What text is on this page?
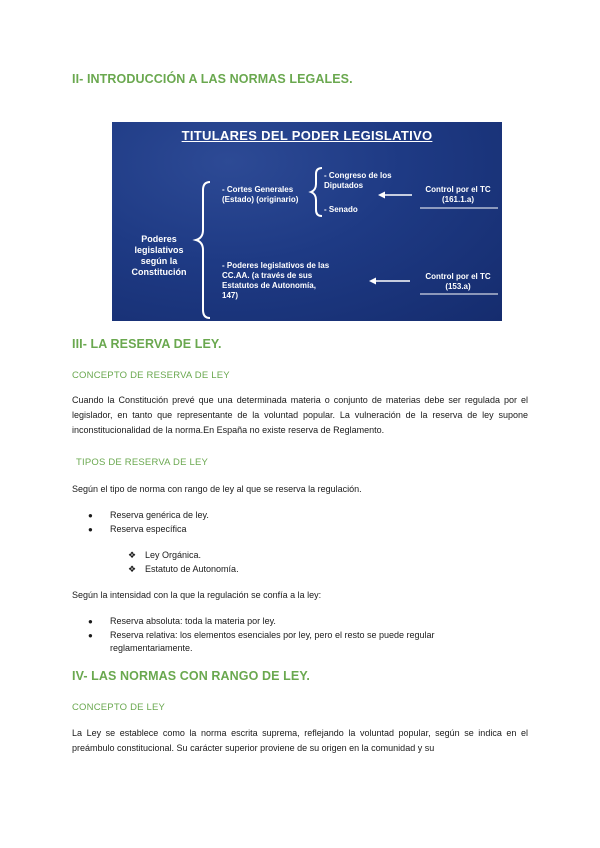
II- INTRODUCCIÓN A LAS NORMAS LEGALES.
TITULARES DEL PODER LEGISLATIVO
Poderes legislativos según la Constitución
- Cortes Generales (Estado) (originario)
- Congreso de los Diputados
- Senado
Control por el TC (161.1.a)
- Poderes legislativos de las CC.AA. (a través de sus Estatutos de Autonomía, 147)
Control por el TC (153.a)
III- LA RESERVA DE LEY.
CONCEPTO DE RESERVA DE LEY

Cuando la Constitución prevé que una determinada materia o conjunto de materias debe ser regulada por el legislador, en tanto que representante de la voluntad popular. La vulneración de la reserva de ley supone inconstitucionalidad de la norma.En España no existe reserva de Reglamento.

TIPOS DE RESERVA DE LEY

Según el tipo de norma con rango de ley al que se reserva la regulación.

● Reserva genérica de ley.
● Reserva específica
❖ Ley Orgánica.
❖ Estatuto de Autonomía.

Según la intensidad con la que la regulación se confía a la ley:

● Reserva absoluta: toda la materia por ley.
● Reserva relativa: los elementos esenciales por ley, pero el resto se puede regular reglamentariamente.
IV- LAS NORMAS CON RANGO DE LEY.
CONCEPTO DE LEY

La Ley se establece como la norma escrita suprema, reflejando la voluntad popular, según se indica en el preámbulo constitucional. Su carácter superior proviene de su origen en la comunidad y su
